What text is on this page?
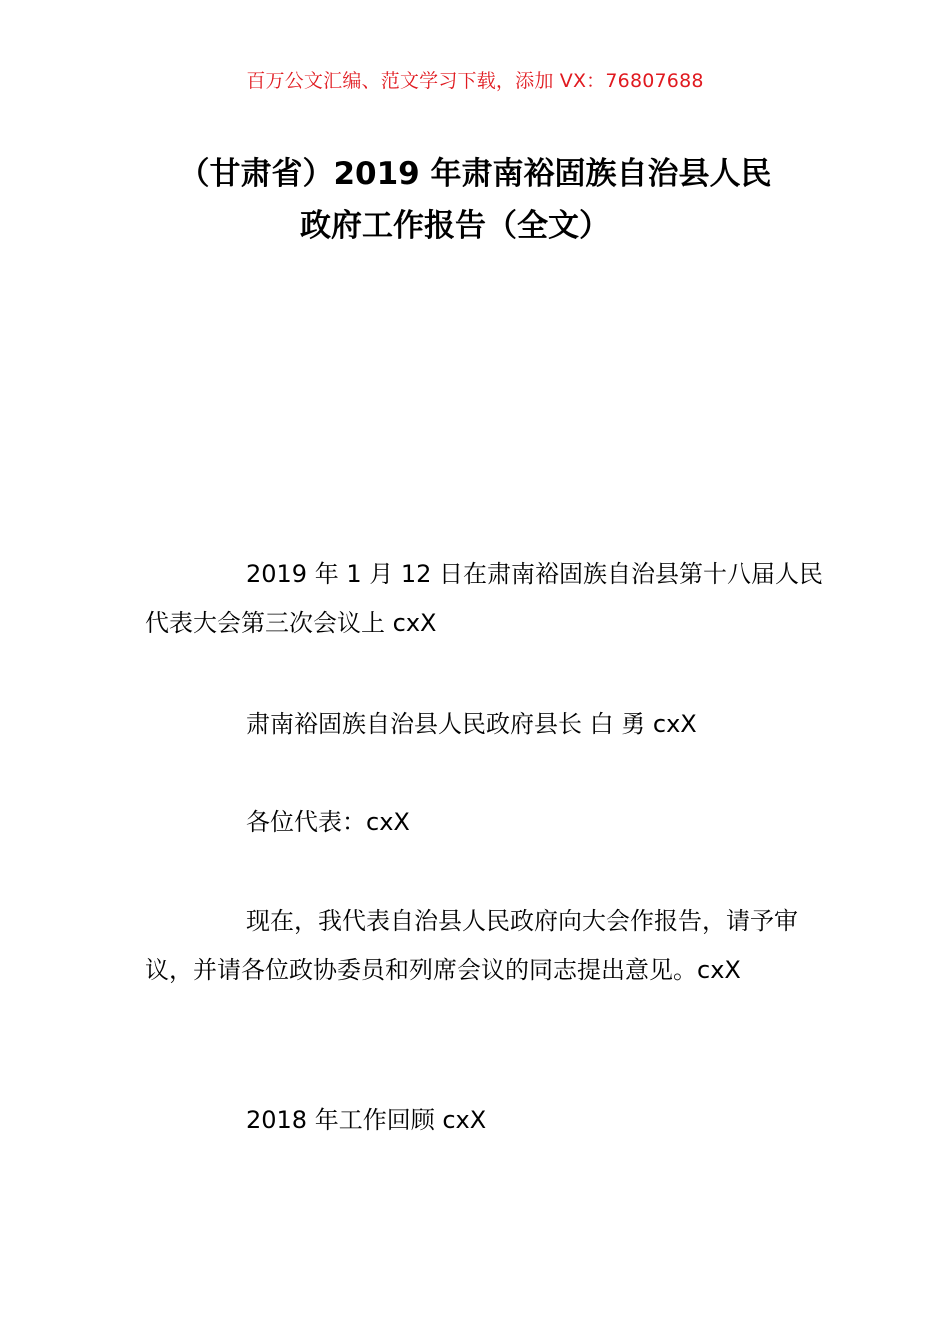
百万公文汇编、范文学习下载，添加 VX：76807688
（甘肃省）2019 年肃南裕固族自治县人民
政府工作报告（全文）

2019 年 1 月 12 日在肃南裕固族自治县第十八届人民代表大会第三次会议上 cxX

肃南裕固族自治县人民政府县长 白 勇 cxX

各位代表：cxX

现在，我代表自治县人民政府向大会作报告，请予审议，并请各位政协委员和列席会议的同志提出意见。cxX

2018 年工作回顾 cxX
